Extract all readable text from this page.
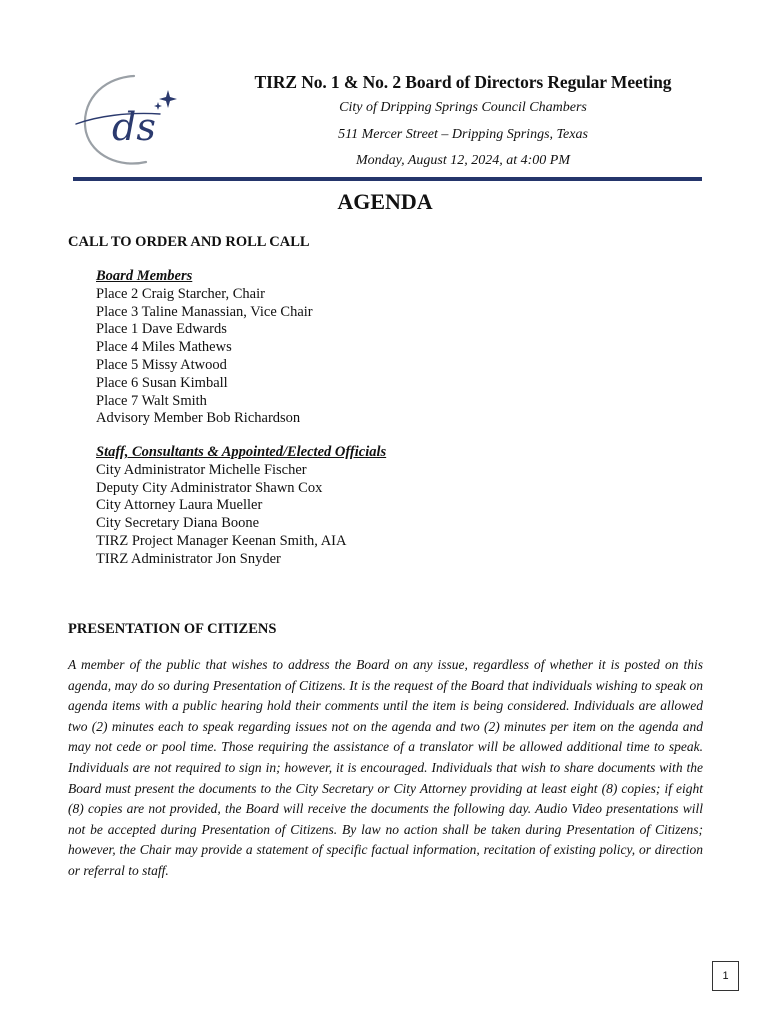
ds
TIRZ No. 1 & No. 2 Board of Directors Regular Meeting
City of Dripping Springs Council Chambers
511 Mercer Street – Dripping Springs, Texas
Monday, August 12, 2024, at 4:00 PM
AGENDA
CALL TO ORDER AND ROLL CALL
Board Members
Place 2 Craig Starcher, Chair
Place 3 Taline Manassian, Vice Chair
Place 1 Dave Edwards
Place 4 Miles Mathews
Place 5 Missy Atwood
Place 6 Susan Kimball
Place 7 Walt Smith
Advisory Member Bob Richardson
Staff, Consultants & Appointed/Elected Officials
City Administrator Michelle Fischer
Deputy City Administrator Shawn Cox
City Attorney Laura Mueller
City Secretary Diana Boone
TIRZ Project Manager Keenan Smith, AIA
TIRZ Administrator Jon Snyder
PRESENTATION OF CITIZENS

A member of the public that wishes to address the Board on any issue, regardless of whether it is posted on this agenda, may do so during Presentation of Citizens. It is the request of the Board that individuals wishing to speak on agenda items with a public hearing hold their comments until the item is being considered. Individuals are allowed two (2) minutes each to speak regarding issues not on the agenda and two (2) minutes per item on the agenda and may not cede or pool time. Those requiring the assistance of a translator will be allowed additional time to speak. Individuals are not required to sign in; however, it is encouraged. Individuals that wish to share documents with the Board must present the documents to the City Secretary or City Attorney providing at least eight (8) copies; if eight (8) copies are not provided, the Board will receive the documents the following day. Audio Video presentations will not be accepted during Presentation of Citizens. By law no action shall be taken during Presentation of Citizens; however, the Chair may provide a statement of specific factual information, recitation of existing policy, or direction or referral to staff.

1
